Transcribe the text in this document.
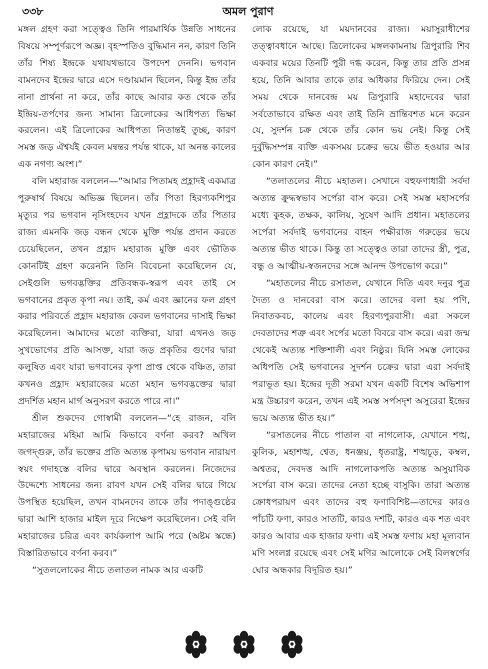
৩৩৮	অমল পুরাণ

মঙ্গল গ্রহণ করা সত্ত্বেও তিনি পারমার্থিক উন্নতি সাধনের বিষয়ে সম্পূর্ণরূপে অজ্ঞ। বৃহস্পতিও বুদ্ধিমান নন, কারণ তিনি তাঁর শিষ্য ইন্দ্রকে যথাযথভাবে উপদেশ দেননি। ভগবান বামনদেব ইন্দ্রের দ্বারে এসে দণ্ডায়মান ছিলেন, কিন্তু ইন্দ্র তাঁর নানা প্রার্থনা না করে, তাঁর কাছে আবার কত থেকে তাঁর ইন্দ্রিয়-তর্পণের জন্য সামান্য ত্রিলোকের আধিপত্য ভিক্ষা করলেন। এই ত্রিলোকের আধিপত্য নিতান্তই তুচ্ছ, কারণ সমস্ত জড় ঐশ্বর্যই কেবল মন্বন্তর পর্যন্ত থাকে, যা অনন্ত কালের এক নগণ্য অংশ।”

বলি মহারাজ বললেন—“আমার পিতামহ প্রহ্লাদই একমাত্র পুরুষার্থ বিষয়ে অভিজ্ঞ ছিলেন। তাঁর পিতা হিরণ্যকশিপুর মৃত্যুর পর ভগবান নৃসিংহদেব যখন প্রহ্লাদকে তাঁর পিতার রাজ্য এমনকি জড় বন্ধন থেকে মুক্তি পর্যন্ত প্রদান করতে চেয়েছিলেন, তখন প্রহ্লাদ মহারাজ মুক্তি এবং ভৌতিক কোনটিই গ্রহণ করেননি তিনি বিবেচনা করেছিলেন যে, সেইগুলি ভগবদ্ভক্তির প্রতিবন্ধক-স্বরূপ এবং তাই সে ভগবানের প্রকৃত কৃপা নয়। তাই, কর্ম এবং জ্ঞানের ফল গ্রহণ করার পরিবর্তে প্রহ্লাদ মহারাজ কেবল ভগবানের দাসাই ভিক্ষা করেছিলেন। আমাদের মতো ব্যক্তিরা, যারা এখনও জড় সুখভোগের প্রতি আসক্ত, যারা জড় প্রকৃতির গুণের দ্বারা কলুষিত এবং যারা ভগবানের কৃপা প্রাপ্ত থেকে বঞ্চিত, তারা কখনও প্রহ্লাদ মহারাজের মতো মহান ভগবদ্ভক্তের দ্বারা প্রদর্শিত মহান মার্গ অনুসরণ করতে পারে না।”

শ্রীল শুকদেব গোস্বামী বললেন—“হে রাজন, বলি মহারাজের মহিমা আমি কিভাবে বর্ণনা করব? অখিল জগদ্গুরু, তাঁর ভক্তের প্রতি অত্যন্ত কৃপাময় ভগবান নারায়ণ স্বয়ং গদাহস্তে বলির দ্বারে অবস্থান করলেন। নিজেদের উদ্দেশ্যে সাধনের জন্য রাবণ যখন সেই বলির দ্বারে গিয়ে উপস্থিত হয়েছিল, তখন বামনদেব তাকে তাঁর পদাঙ্গুষ্ঠের দ্বারা আশি হাজার মাইল দূরে নিক্ষেপ করেছিলেন। সেই বলি মহারাজের চরিত্র এবং কার্যকলাপ আমি পরে (অষ্টম স্কন্ধে) বিস্তারিতভাবে বর্ণনা করব।”

“সুতললোকের নীচে তলাতল নামক আর একটি

লোক রয়েছে, যা ময়দানবের রাজ্য। ময়াসুরাধীশের তত্ত্বাবধানে আছে। ত্রিলোকের মঙ্গলকামনায় ত্রিপুরারি শিব একবার ময়ের তিনটি পুরী দগ্ধ করেন, কিন্তু তার প্রতি প্রসন্ন হয়ে, তিনি আবার তাকে তার অধিকার ফিরিয়ে দেন। সেই সময় থেকে দানবেন্দ্র ময় ত্রিপুরারি মহাদেবের দ্বারা সর্বতোভাবে রক্ষিত এবং তাই তিনি ভ্রান্তিবশত মনে করেন যে, সুদর্শন চক্র থেকে তাঁর কোন ভয় নেই। কিন্তু সেই দুর্বুদ্ধিসম্পন্ন ব্যক্তি একসময় চক্রের ভয়ে ভীত হওয়ার আর কোন কারণ নেই।”

“তলাতলের নীচে মহাতল। সেখানে বহুফণাধারী সর্বদা অত্যন্ত ক্রুদ্ধস্বভাব সর্পেরা বাস করে। সেই সমস্ত মহাসর্পের মধ্যে কুহক, তক্ষক, কালিয়, সুষেণ আদি প্রধান। মহাতলের সর্পেরা সর্বদাই ভগবানের বাহন পক্ষীরাজ গরুড়ের ভয়ে অত্যন্ত ভীত থাকে। কিন্তু তা সত্ত্বেও তারা তাদের স্ত্রী, পুত্র, বন্ধু ও আত্মীয়-স্বজনদের সঙ্গে আনন্দ উপভোগ করে।”

“মহাতলের নীচে রসাতল, যেখানে দিতি এবং দনুর পুত্র দৈত্য ও দানবেরা বাস করে। তাদের বলা হয় পণি, নিবাতকবচ, কালেয় এবং হিরণ্যপুরবাসী। এরা সকলে দেবতাদের শত্রু এবং সর্পের মতো বিবরে বাস করে। এরা জন্ম থেকেই অত্যন্ত শক্তিশালী এবং নিষ্ঠুর। যিনি সমস্ত লোকের অধিপতি সেই ভগবানের সুদর্শন চক্রের দ্বারা এরা সর্বদাই পরাভূত হয়। ইন্দ্রের দূতী সরমা যখন একটি বিশেষ অভিশাপ মন্ত্র উচ্চারণ করেন, তখন এই সমস্ত সর্পসদৃশ অসুরেরা ইন্দ্রের ভয়ে অত্যন্ত ভীত হয়।”

“রসাতলের নীচে পাতাল বা নাগলোক, যেখানে শঙ্খ, কুলিক, মহাশঙ্খ, শ্বেত, ধনঞ্জয়, ধৃতরাষ্ট্র, শঙ্খচূড়, কম্বল, অশ্বতর, দেবদত্ত আদি নাগলোকপতি অত্যন্ত অসুয়াবিক সর্পেরা বাস করে। তাদের নেতা হচ্ছে বাসুকি। তারা অত্যন্ত ক্রোধপরায়ণ এবং তাদের বহু ফণাবিশিষ্ট—তাদের কারও পাঁচটি ফণা, কারও সাতটি, কারও দশটি, কারও এক শত এবং কারও আবার এক হাজার ফণা। এই সমস্ত ফণায় মহা মূল্যবান মণি সংলগ্ন রয়েছে এবং সেই মণির আলোকে সেই বিলস্বর্গের ঘোর অন্ধকার বিদূরিত হয়।”
